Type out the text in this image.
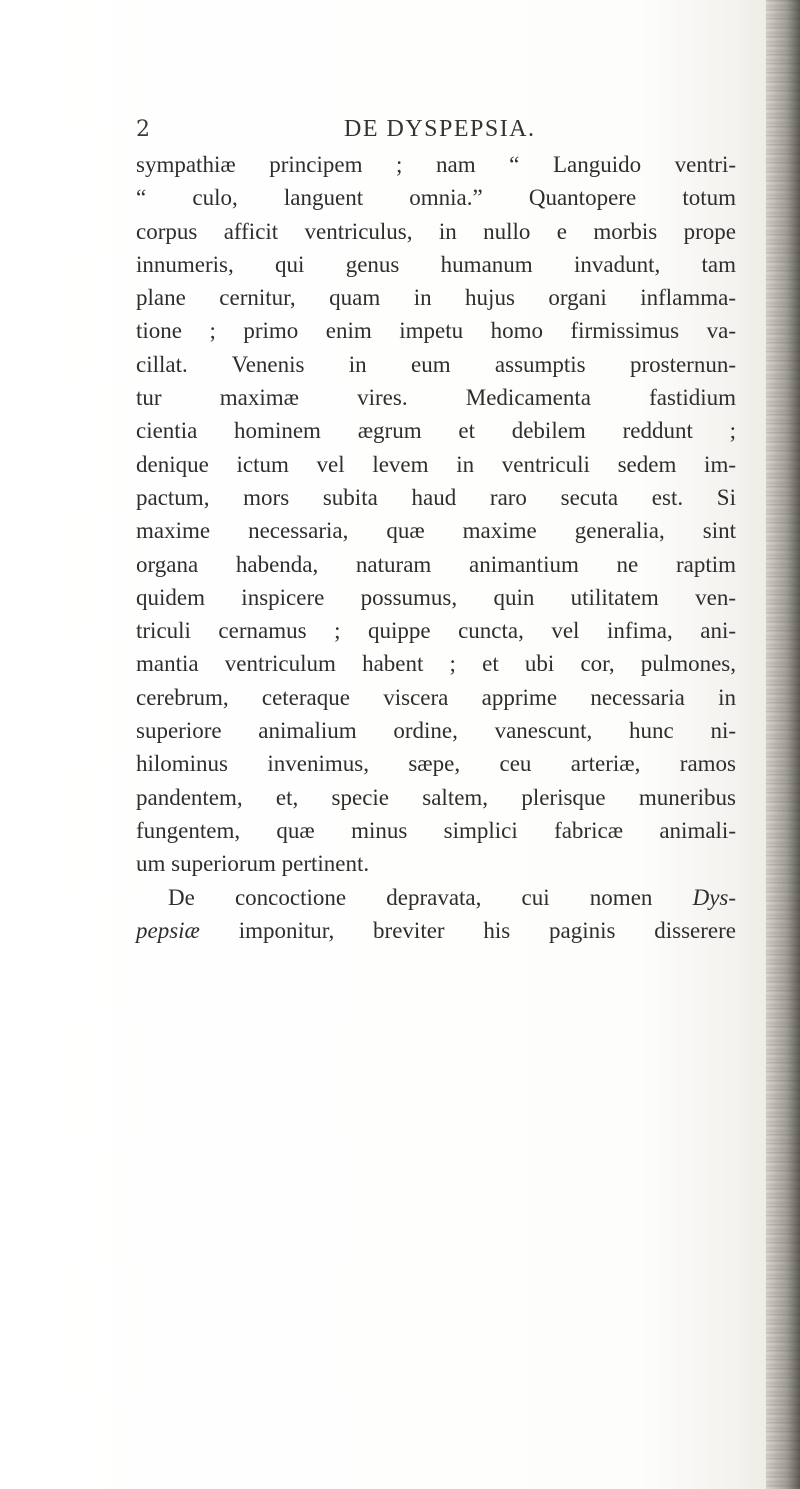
2	DE DYSPEPSIA.
sympathiæ principem ; nam “ Languido ventri-
“ culo, languent omnia.” Quantopere totum
corpus afficit ventriculus, in nullo e morbis prope
innumeris, qui genus humanum invadunt, tam
plane cernitur, quam in hujus organi inflamma-
tione ; primo enim impetu homo firmissimus va-
cillat. Venenis in eum assumptis prosternun-
tur maximæ vires. Medicamenta fastidium
cientia hominem ægrum et debilem reddunt ;
denique ictum vel levem in ventriculi sedem im-
pactum, mors subita haud raro secuta est. Si
maxime necessaria, quæ maxime generalia, sint
organa habenda, naturam animantium ne raptim
quidem inspicere possumus, quin utilitatem ven-
triculi cernamus ; quippe cuncta, vel infima, ani-
mantia ventriculum habent ; et ubi cor, pulmones,
cerebrum, ceteraque viscera apprime necessaria in
superiore animalium ordine, vanescunt, hunc ni-
hilominus invenimus, sæpe, ceu arteriæ, ramos
pandentem, et, specie saltem, plerisque muneribus
fungentem, quæ minus simplici fabricæ animali-
um superiorum pertinent.
De concoctione depravata, cui nomen Dys-
pepsiæ imponitur, breviter his paginis disserere
